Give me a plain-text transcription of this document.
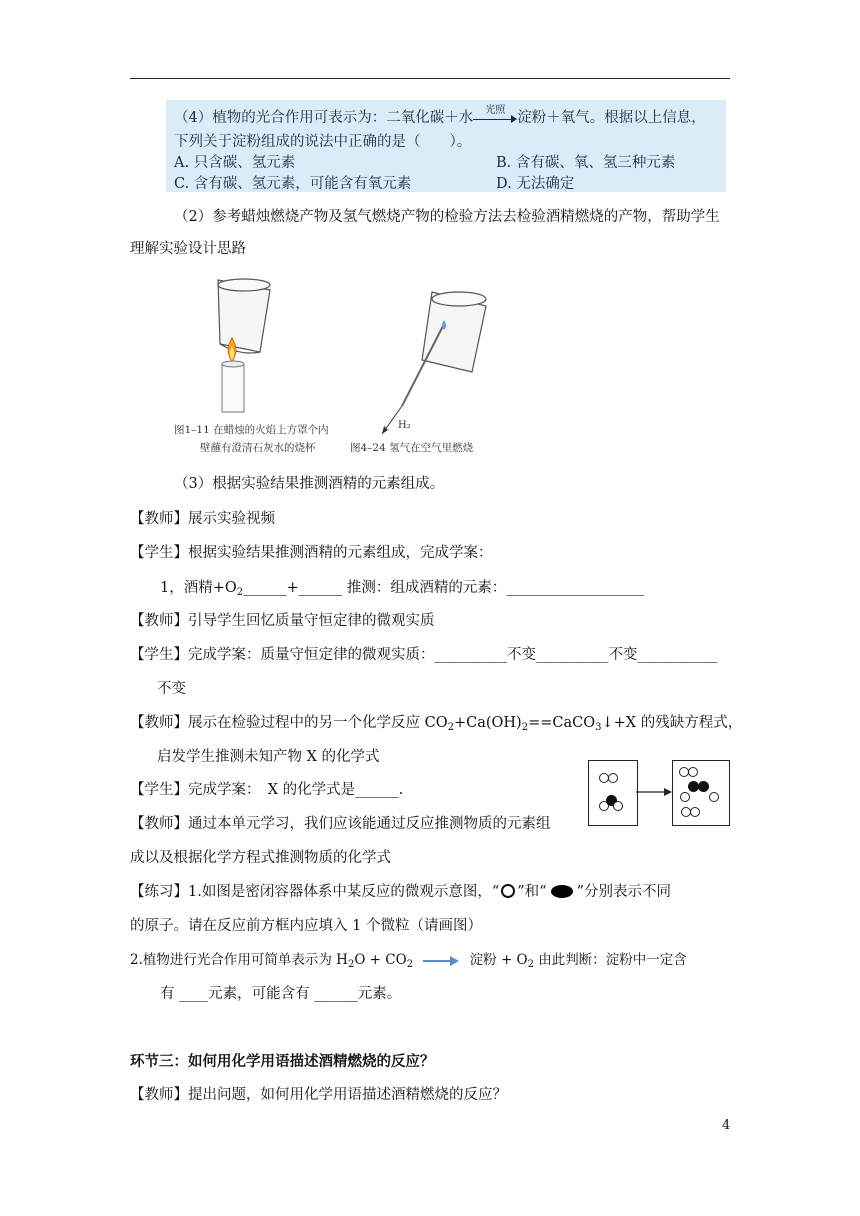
（4）植物的光合作用可表示为：二氧化碳＋水	光照 淀粉＋氧气。根据以上信息，
下列关于淀粉组成的说法中正确的是（　　）。
A. 只含碳、氢元素	B. 含有碳、氧、氢三种元素
C. 含有碳、氢元素，可能含有氧元素	D. 无法确定
（2）参考蜡烛燃烧产物及氢气燃烧产物的检验方法去检验酒精燃烧的产物，帮助学生
理解实验设计思路
H₂
图1–11 在蜡烛的火焰上方罩个内
壁蘸有澄清石灰水的烧杯	图4–24 氢气在空气里燃烧
（3）根据实验结果推测酒精的元素组成。
【教师】展示实验视频
【学生】根据实验结果推测酒精的元素组成，完成学案：
1，酒精$+O_2\_\_\_\_\_\_+\_\_\_\_\_\_$ 推测：组成酒精的元素：___________________
【教师】引导学生回忆质量守恒定律的微观实质
【学生】完成学案：质量守恒定律的微观实质：__________不变__________不变___________
不变
【教师】展示在检验过程中的另一个化学反应 $CO_2+Ca(OH)_2==CaCO_3↓+X$ 的残缺方程式，
启发学生推测未知产物 X 的化学式
【学生】完成学案：　X 的化学式是______.
【教师】通过本单元学习，我们应该能通过反应推测物质的元素组
成以及根据化学方程式推测物质的化学式
【练习】1.如图是密闭容器体系中某反应的微观示意图，“ ”和“ ”分别表示不同
的原子。请在反应前方框内应填入 1 个微粒（请画图）
2.植物进行光合作用可简单表示为 $H_2O + CO_2$	淀粉 + $O_2$ 由此判断：淀粉中一定含
有 ____元素，可能含有 ______元素。
环节三：如何用化学用语描述酒精燃烧的反应？
【教师】提出问题，如何用化学用语描述酒精燃烧的反应？
4
